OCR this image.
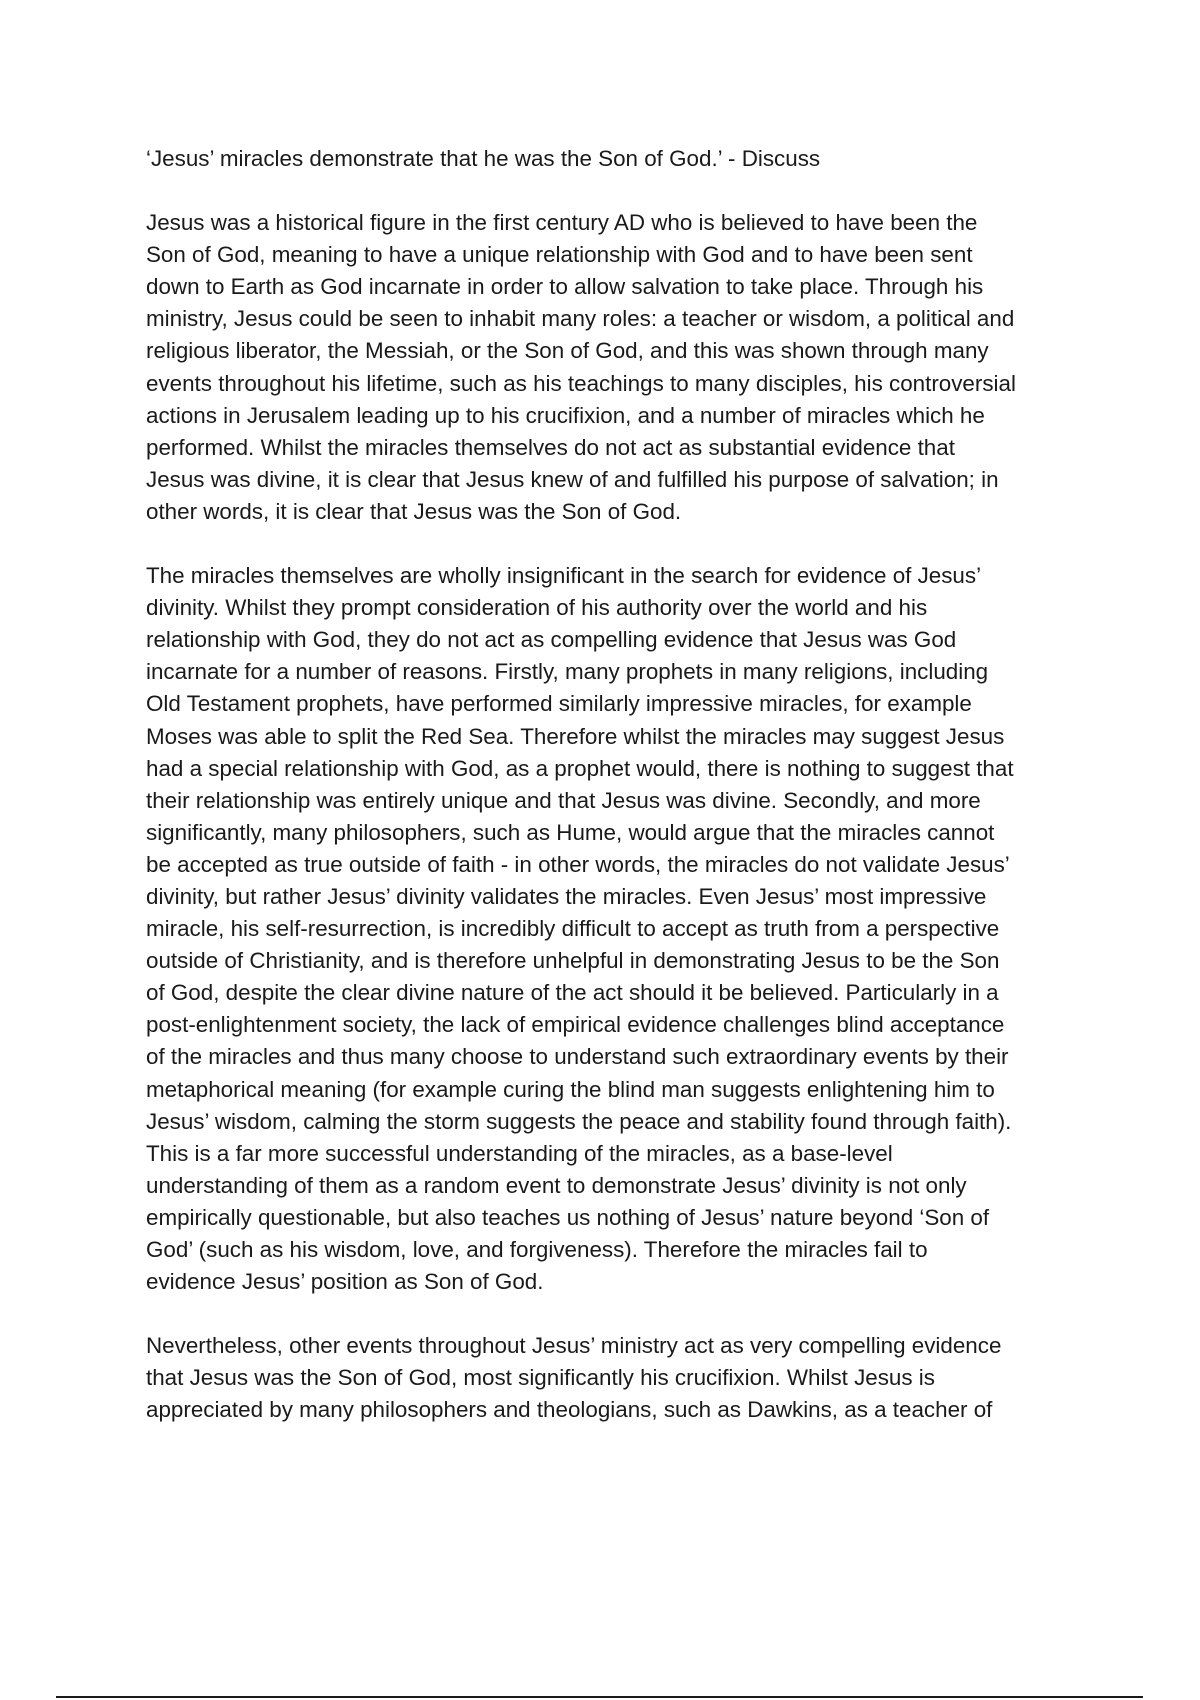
‘Jesus’ miracles demonstrate that he was the Son of God.’ - Discuss
Jesus was a historical figure in the first century AD who is believed to have been the
Son of God, meaning to have a unique relationship with God and to have been sent
down to Earth as God incarnate in order to allow salvation to take place. Through his
ministry, Jesus could be seen to inhabit many roles: a teacher or wisdom, a political and
religious liberator, the Messiah, or the Son of God, and this was shown through many
events throughout his lifetime, such as his teachings to many disciples, his controversial
actions in Jerusalem leading up to his crucifixion, and a number of miracles which he
performed. Whilst the miracles themselves do not act as substantial evidence that
Jesus was divine, it is clear that Jesus knew of and fulfilled his purpose of salvation; in
other words, it is clear that Jesus was the Son of God.
The miracles themselves are wholly insignificant in the search for evidence of Jesus’
divinity. Whilst they prompt consideration of his authority over the world and his
relationship with God, they do not act as compelling evidence that Jesus was God
incarnate for a number of reasons. Firstly, many prophets in many religions, including
Old Testament prophets, have performed similarly impressive miracles, for example
Moses was able to split the Red Sea. Therefore whilst the miracles may suggest Jesus
had a special relationship with God, as a prophet would, there is nothing to suggest that
their relationship was entirely unique and that Jesus was divine. Secondly, and more
significantly, many philosophers, such as Hume, would argue that the miracles cannot
be accepted as true outside of faith - in other words, the miracles do not validate Jesus’
divinity, but rather Jesus’ divinity validates the miracles. Even Jesus’ most impressive
miracle, his self-resurrection, is incredibly difficult to accept as truth from a perspective
outside of Christianity, and is therefore unhelpful in demonstrating Jesus to be the Son
of God, despite the clear divine nature of the act should it be believed. Particularly in a
post-enlightenment society, the lack of empirical evidence challenges blind acceptance
of the miracles and thus many choose to understand such extraordinary events by their
metaphorical meaning (for example curing the blind man suggests enlightening him to
Jesus’ wisdom, calming the storm suggests the peace and stability found through faith).
This is a far more successful understanding of the miracles, as a base-level
understanding of them as a random event to demonstrate Jesus’ divinity is not only
empirically questionable, but also teaches us nothing of Jesus’ nature beyond ‘Son of
God’ (such as his wisdom, love, and forgiveness). Therefore the miracles fail to
evidence Jesus’ position as Son of God.
Nevertheless, other events throughout Jesus’ ministry act as very compelling evidence
that Jesus was the Son of God, most significantly his crucifixion. Whilst Jesus is
appreciated by many philosophers and theologians, such as Dawkins, as a teacher of
